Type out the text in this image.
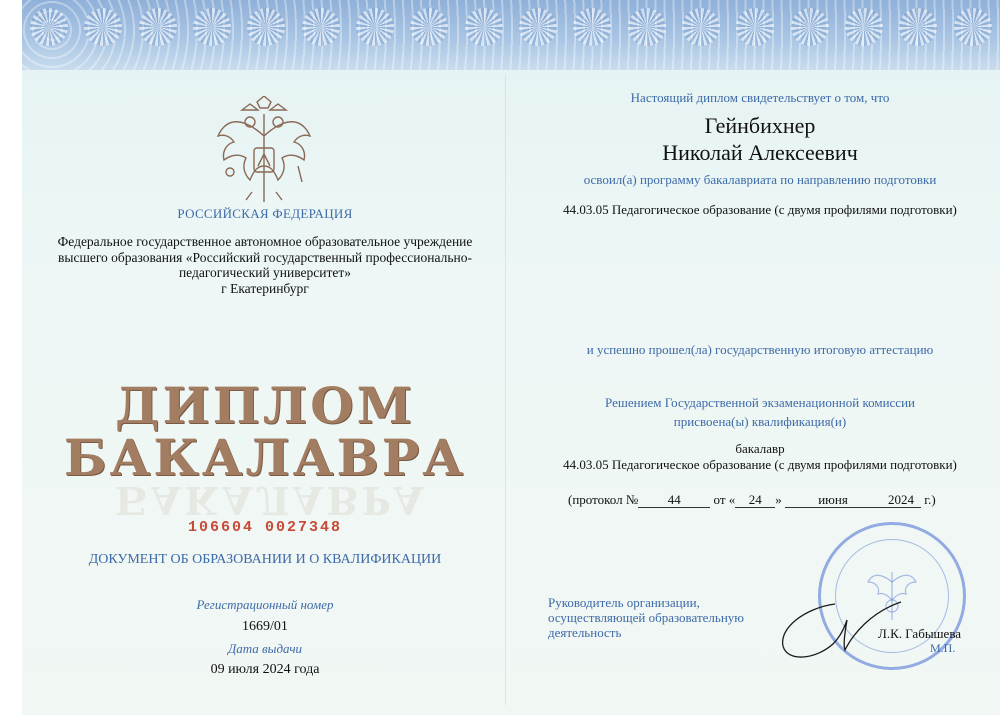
РОССИЙСКАЯ ФЕДЕРАЦИЯ
Федеральное государственное автономное образовательное учреждение
высшего образования «Российский государственный профессионально-
педагогический университет»
г Екатеринбург
ДИПЛОМ
БАКАЛАВРА
БАКАЛАВРА
106604 0027348
ДОКУМЕНТ ОБ ОБРАЗОВАНИИ И О КВАЛИФИКАЦИИ
Регистрационный номер
1669/01
Дата выдачи
09 июля 2024 года
Настоящий диплом свидетельствует о том, что
Гейнбихнер
Николай Алексеевич
освоил(а) программу бакалавриата по направлению подготовки
44.03.05 Педагогическое образование (с двумя профилями подготовки)
и успешно прошел(ла) государственную итоговую аттестацию
Решением Государственной экзаменационной комиссии
присвоена(ы) квалификация(и)
бакалавр
44.03.05 Педагогическое образование (с двумя профилями подготовки)
(протокол № 44	от « 24 »	июня	2024 г.)
Руководитель организации,
осуществляющей образовательную
деятельность	Л.К. Габышева
М.П.
